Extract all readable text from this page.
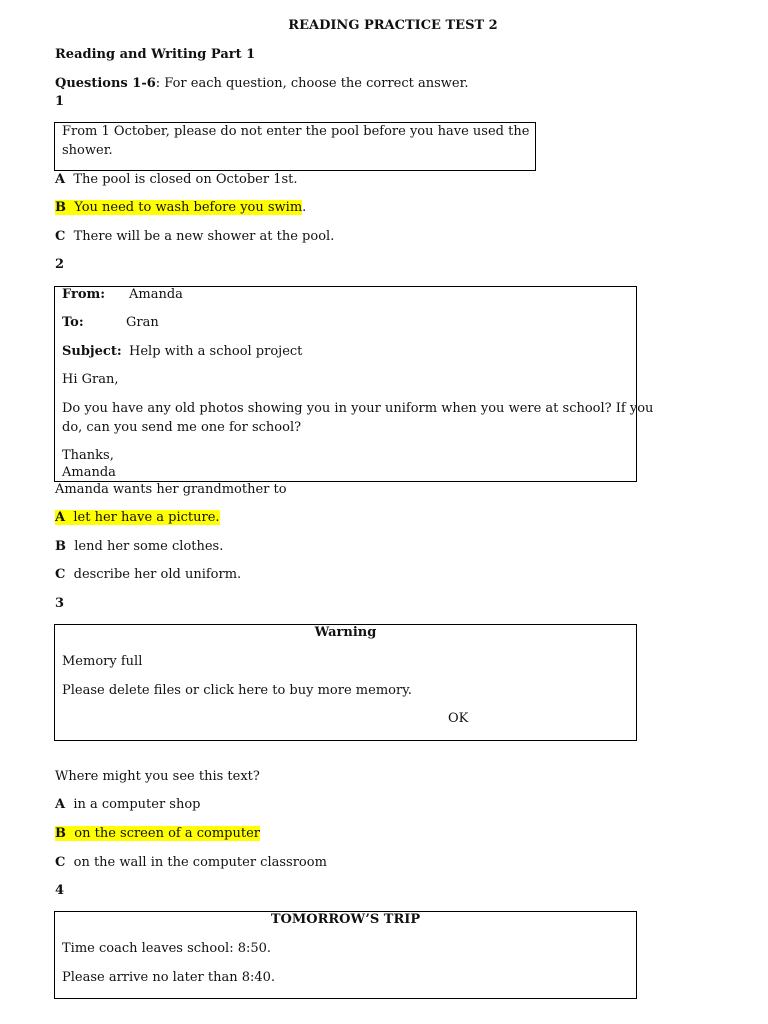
READING PRACTICE TEST 2
Reading and Writing Part 1
Questions 1-6: For each question, choose the correct answer.
1
From 1 October, please do not enter the pool before you have used the
shower.
A The pool is closed on October 1st.
B You need to wash before you swim.
C There will be a new shower at the pool.
2
From: Amanda
To:	Gran
Subject: Help with a school project
Hi Gran,
Do you have any old photos showing you in your uniform when you were at school? If you
do, can you send me one for school?
Thanks,
Amanda
Amanda wants her grandmother to
A let her have a picture.
B lend her some clothes.
C describe her old uniform.
3
Warning
Memory full
Please delete files or click here to buy more memory.
OK
Where might you see this text?
A in a computer shop
B on the screen of a computer
C on the wall in the computer classroom
4
TOMORROW’S TRIP
Time coach leaves school: 8:50.
Please arrive no later than 8:40.
